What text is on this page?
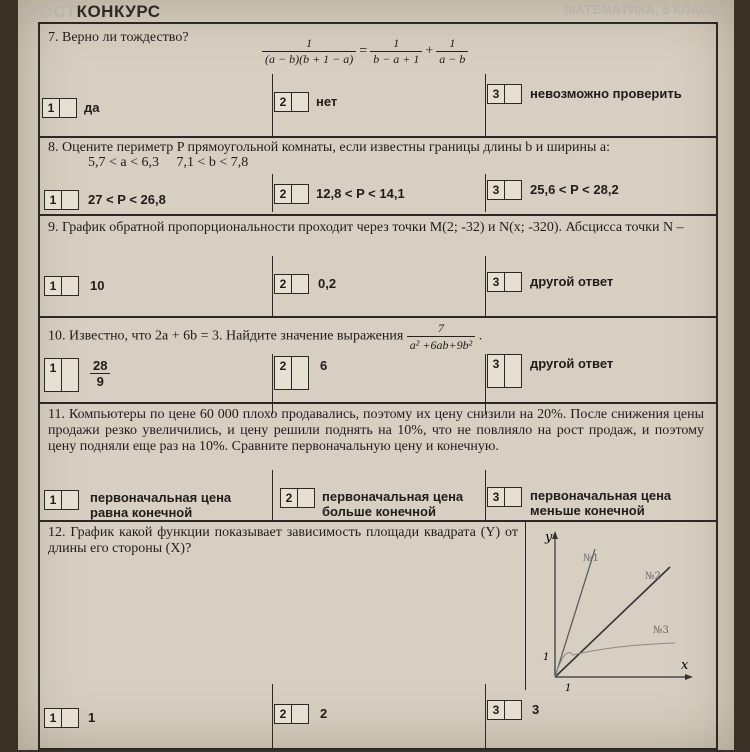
РОСТКОНКУРС	МАТЕМАТИКА, 8 КЛАСС
7. Верно ли тождество?	$\frac{1}{(a - b)(b + 1 - a)} = \frac{1}{b - a + 1} + \frac{1}{a - b}$
1	да	2	нет	3	невозможно проверить
8. Оцените периметр P прямоугольной комнаты, если известны границы длины b и ширины a:
5,7 < a < 6,3     7,1 < b < 7,8
1	27 < P < 26,8	2	12,8 < P < 14,1	3	25,6 < P < 28,2
9. График обратной пропорциональности проходит через точки M(2; -32) и N(x; -320). Абсцисса точки N –
1	10	2	0,2	3	другой ответ
10. Известно, что 2a + 6b = 3. Найдите значение выражения $\frac{7}{\text{a² +6ab+9b²}}$ .
1	$\frac{28}{9}$	2	6	3	другой ответ
11. Компьютеры по цене 60 000 плохо продавались, поэтому их цену снизили на 20%. После снижения цены продажи резко увеличились, и цену решили поднять на 10%, что не повлияло на рост продаж, и поэтому цену подняли еще раз на 10%. Сравните первоначальную цену и конечную.
1	первоначальная цена равна конечной
2	первоначальная цена больше конечной
3	первоначальная цена меньше конечной
12. График какой функции показывает зависимость площади квадрата (Y) от длины его стороны (X)?
y
x
1
1
№1
№2
№3
1	1	2	2	3	3
